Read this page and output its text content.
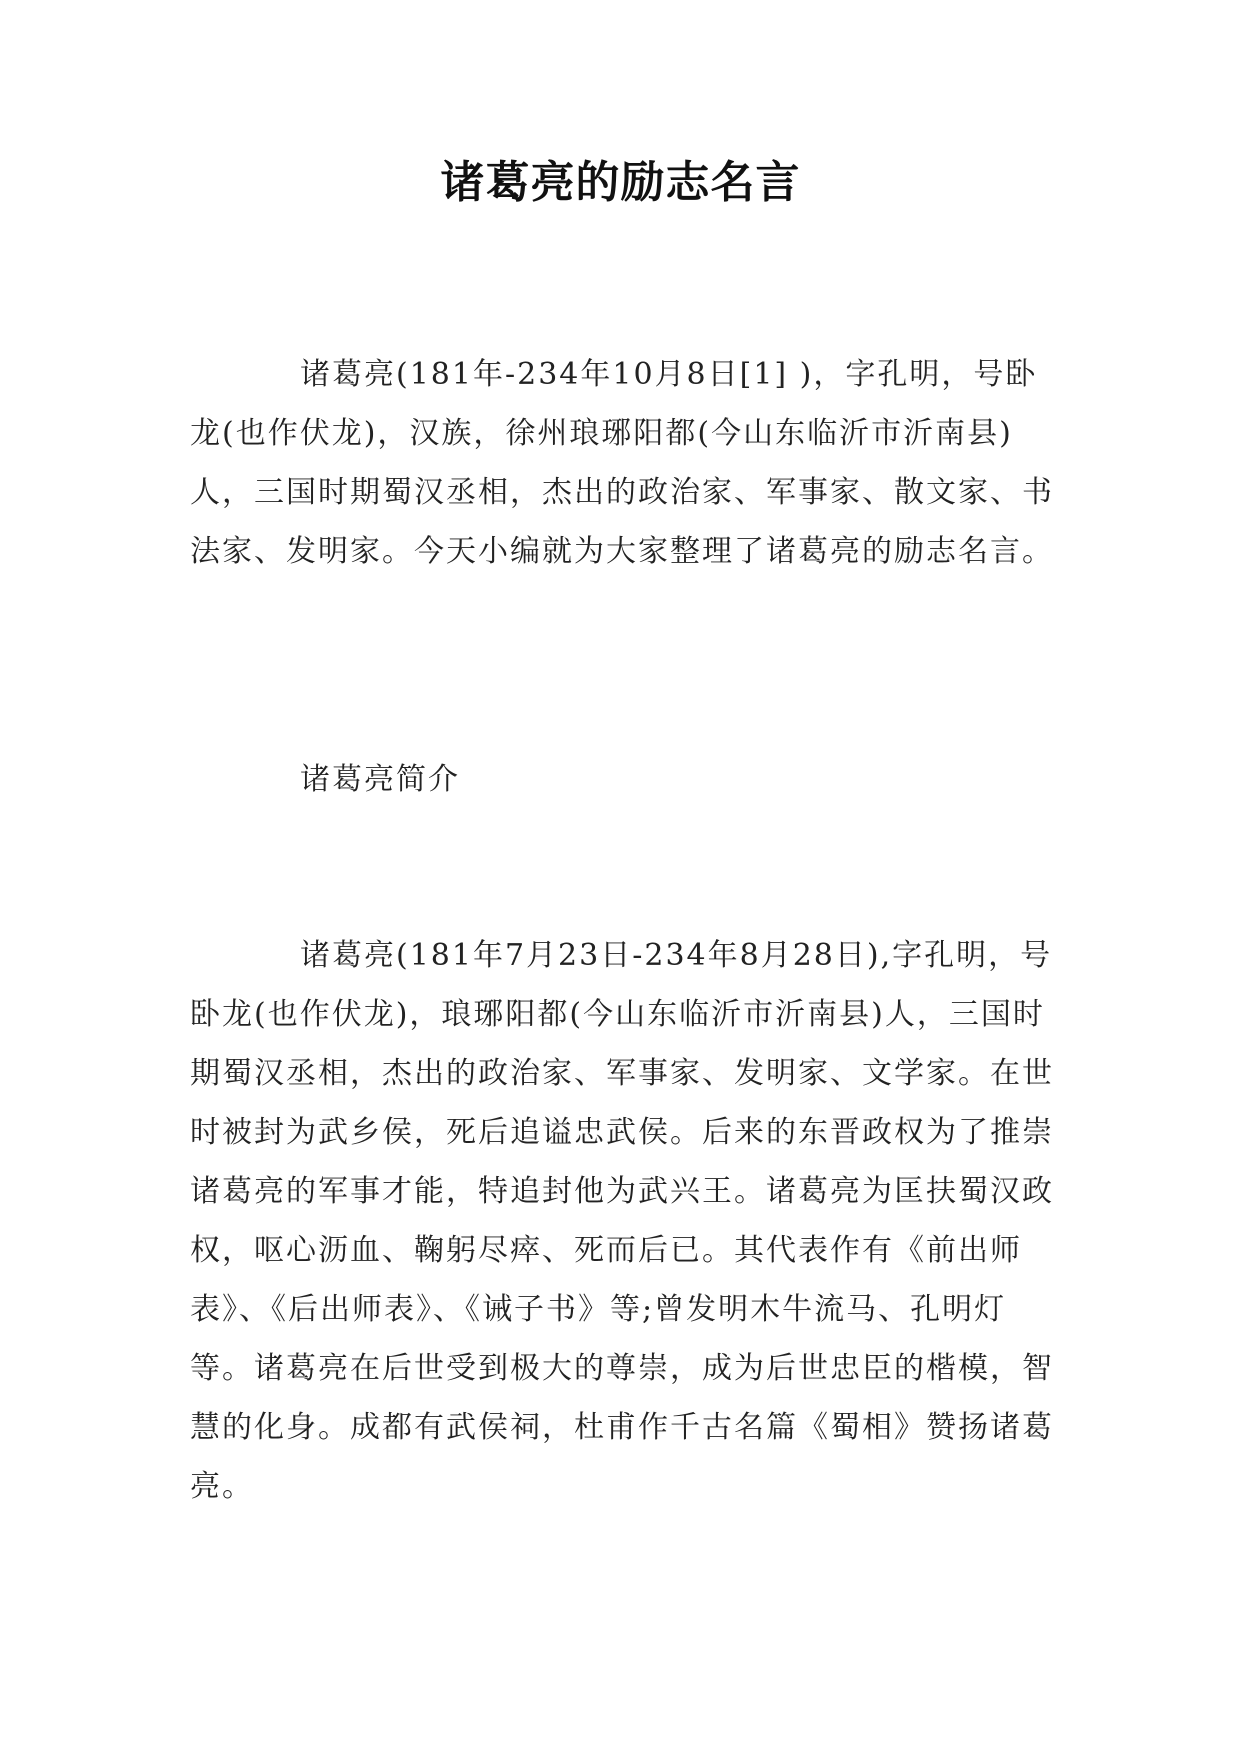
诸葛亮的励志名言

诸葛亮(181年-234年10月8日[1] )，字孔明，号卧龙(也作伏龙)，汉族，徐州琅琊阳都(今山东临沂市沂南县)人，三国时期蜀汉丞相，杰出的政治家、军事家、散文家、书法家、发明家。今天小编就为大家整理了诸葛亮的励志名言。

诸葛亮简介

诸葛亮(181年7月23日-234年8月28日),字孔明，号卧龙(也作伏龙)，琅琊阳都(今山东临沂市沂南县)人，三国时期蜀汉丞相，杰出的政治家、军事家、发明家、文学家。在世时被封为武乡侯，死后追谥忠武侯。后来的东晋政权为了推崇诸葛亮的军事才能，特追封他为武兴王。诸葛亮为匡扶蜀汉政权，呕心沥血、鞠躬尽瘁、死而后已。其代表作有《前出师表》、《后出师表》、《诫子书》等;曾发明木牛流马、孔明灯等。诸葛亮在后世受到极大的尊崇，成为后世忠臣的楷模，智慧的化身。成都有武侯祠，杜甫作千古名篇《蜀相》赞扬诸葛亮。
